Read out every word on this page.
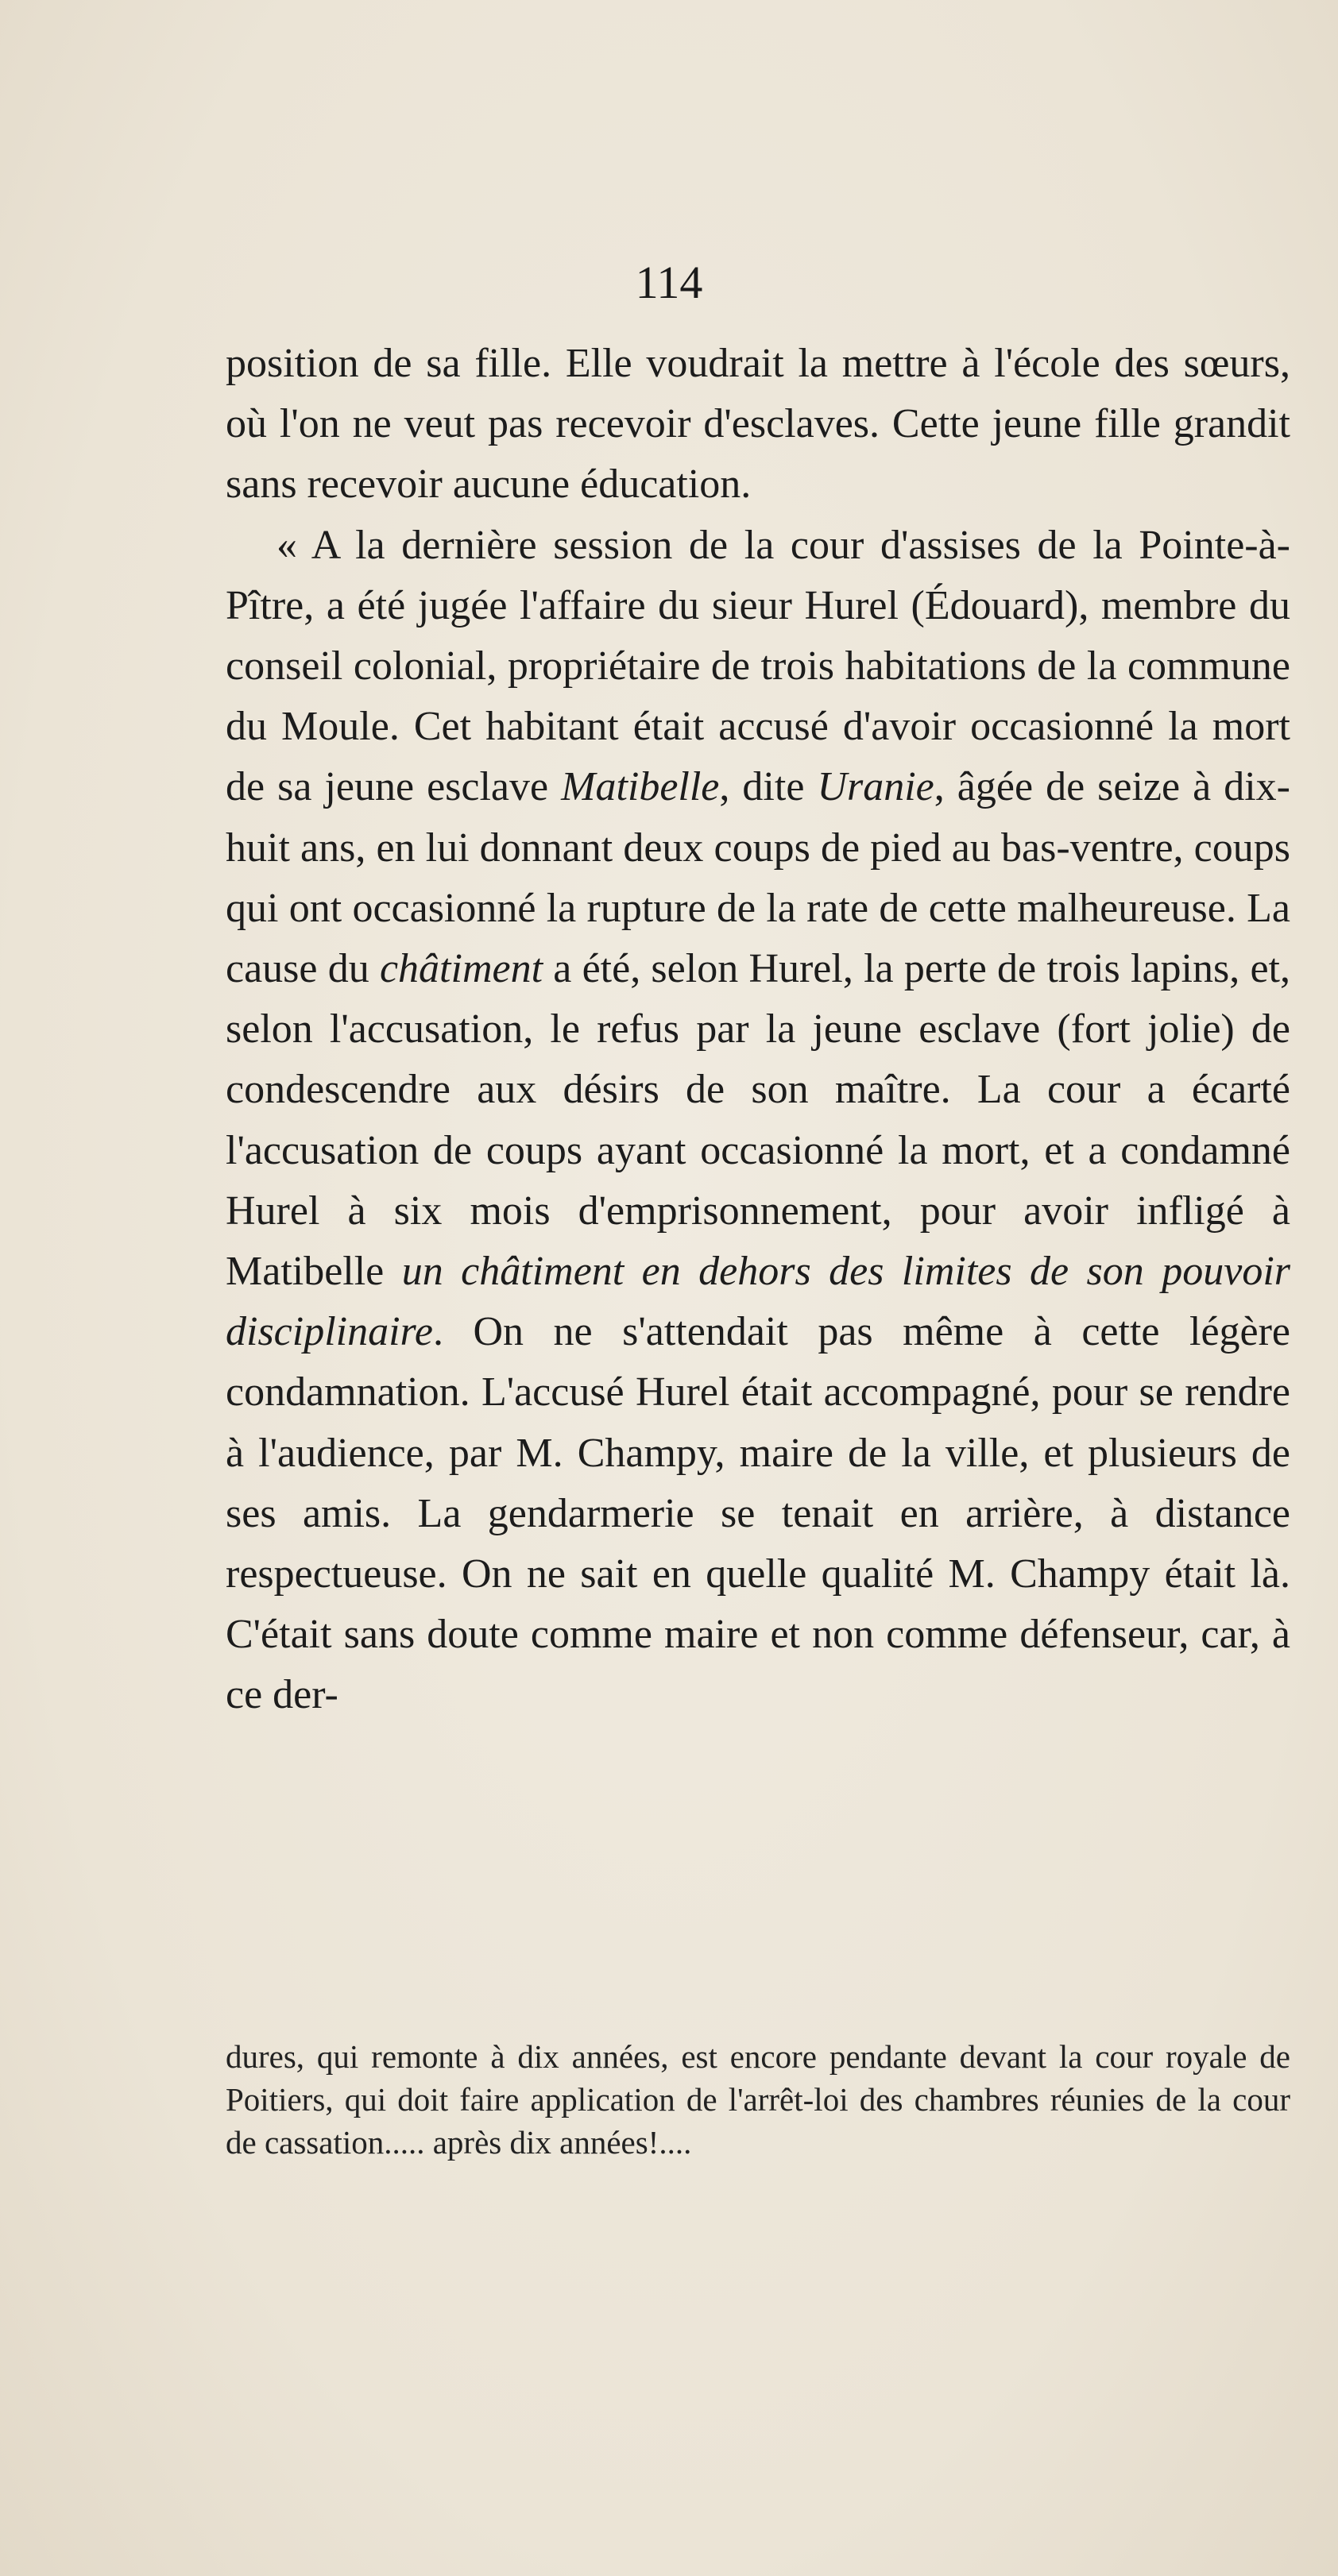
114

position de sa fille. Elle voudrait la mettre à l'école des sœurs, où l'on ne veut pas recevoir d'esclaves. Cette jeune fille grandit sans recevoir aucune éducation.

« A la dernière session de la cour d'assises de la Pointe-à-Pître, a été jugée l'affaire du sieur Hurel (Édouard), membre du conseil colonial, propriétaire de trois habitations de la commune du Moule. Cet habitant était accusé d'avoir occasionné la mort de sa jeune esclave Matibelle, dite Uranie, âgée de seize à dix-huit ans, en lui donnant deux coups de pied au bas-ventre, coups qui ont occasionné la rupture de la rate de cette malheureuse. La cause du châtiment a été, selon Hurel, la perte de trois lapins, et, selon l'accusation, le refus par la jeune esclave (fort jolie) de condescendre aux désirs de son maître. La cour a écarté l'accusation de coups ayant occasionné la mort, et a condamné Hurel à six mois d'emprisonnement, pour avoir infligé à Matibelle un châtiment en dehors des limites de son pouvoir disciplinaire. On ne s'attendait pas même à cette légère condamnation. L'accusé Hurel était accompagné, pour se rendre à l'audience, par M. Champy, maire de la ville, et plusieurs de ses amis. La gendarmerie se tenait en arrière, à distance respectueuse. On ne sait en quelle qualité M. Champy était là. C'était sans doute comme maire et non comme défenseur, car, à ce der-

dures, qui remonte à dix années, est encore pendante devant la cour royale de Poitiers, qui doit faire application de l'arrêt-loi des chambres réunies de la cour de cassation..... après dix années!....
